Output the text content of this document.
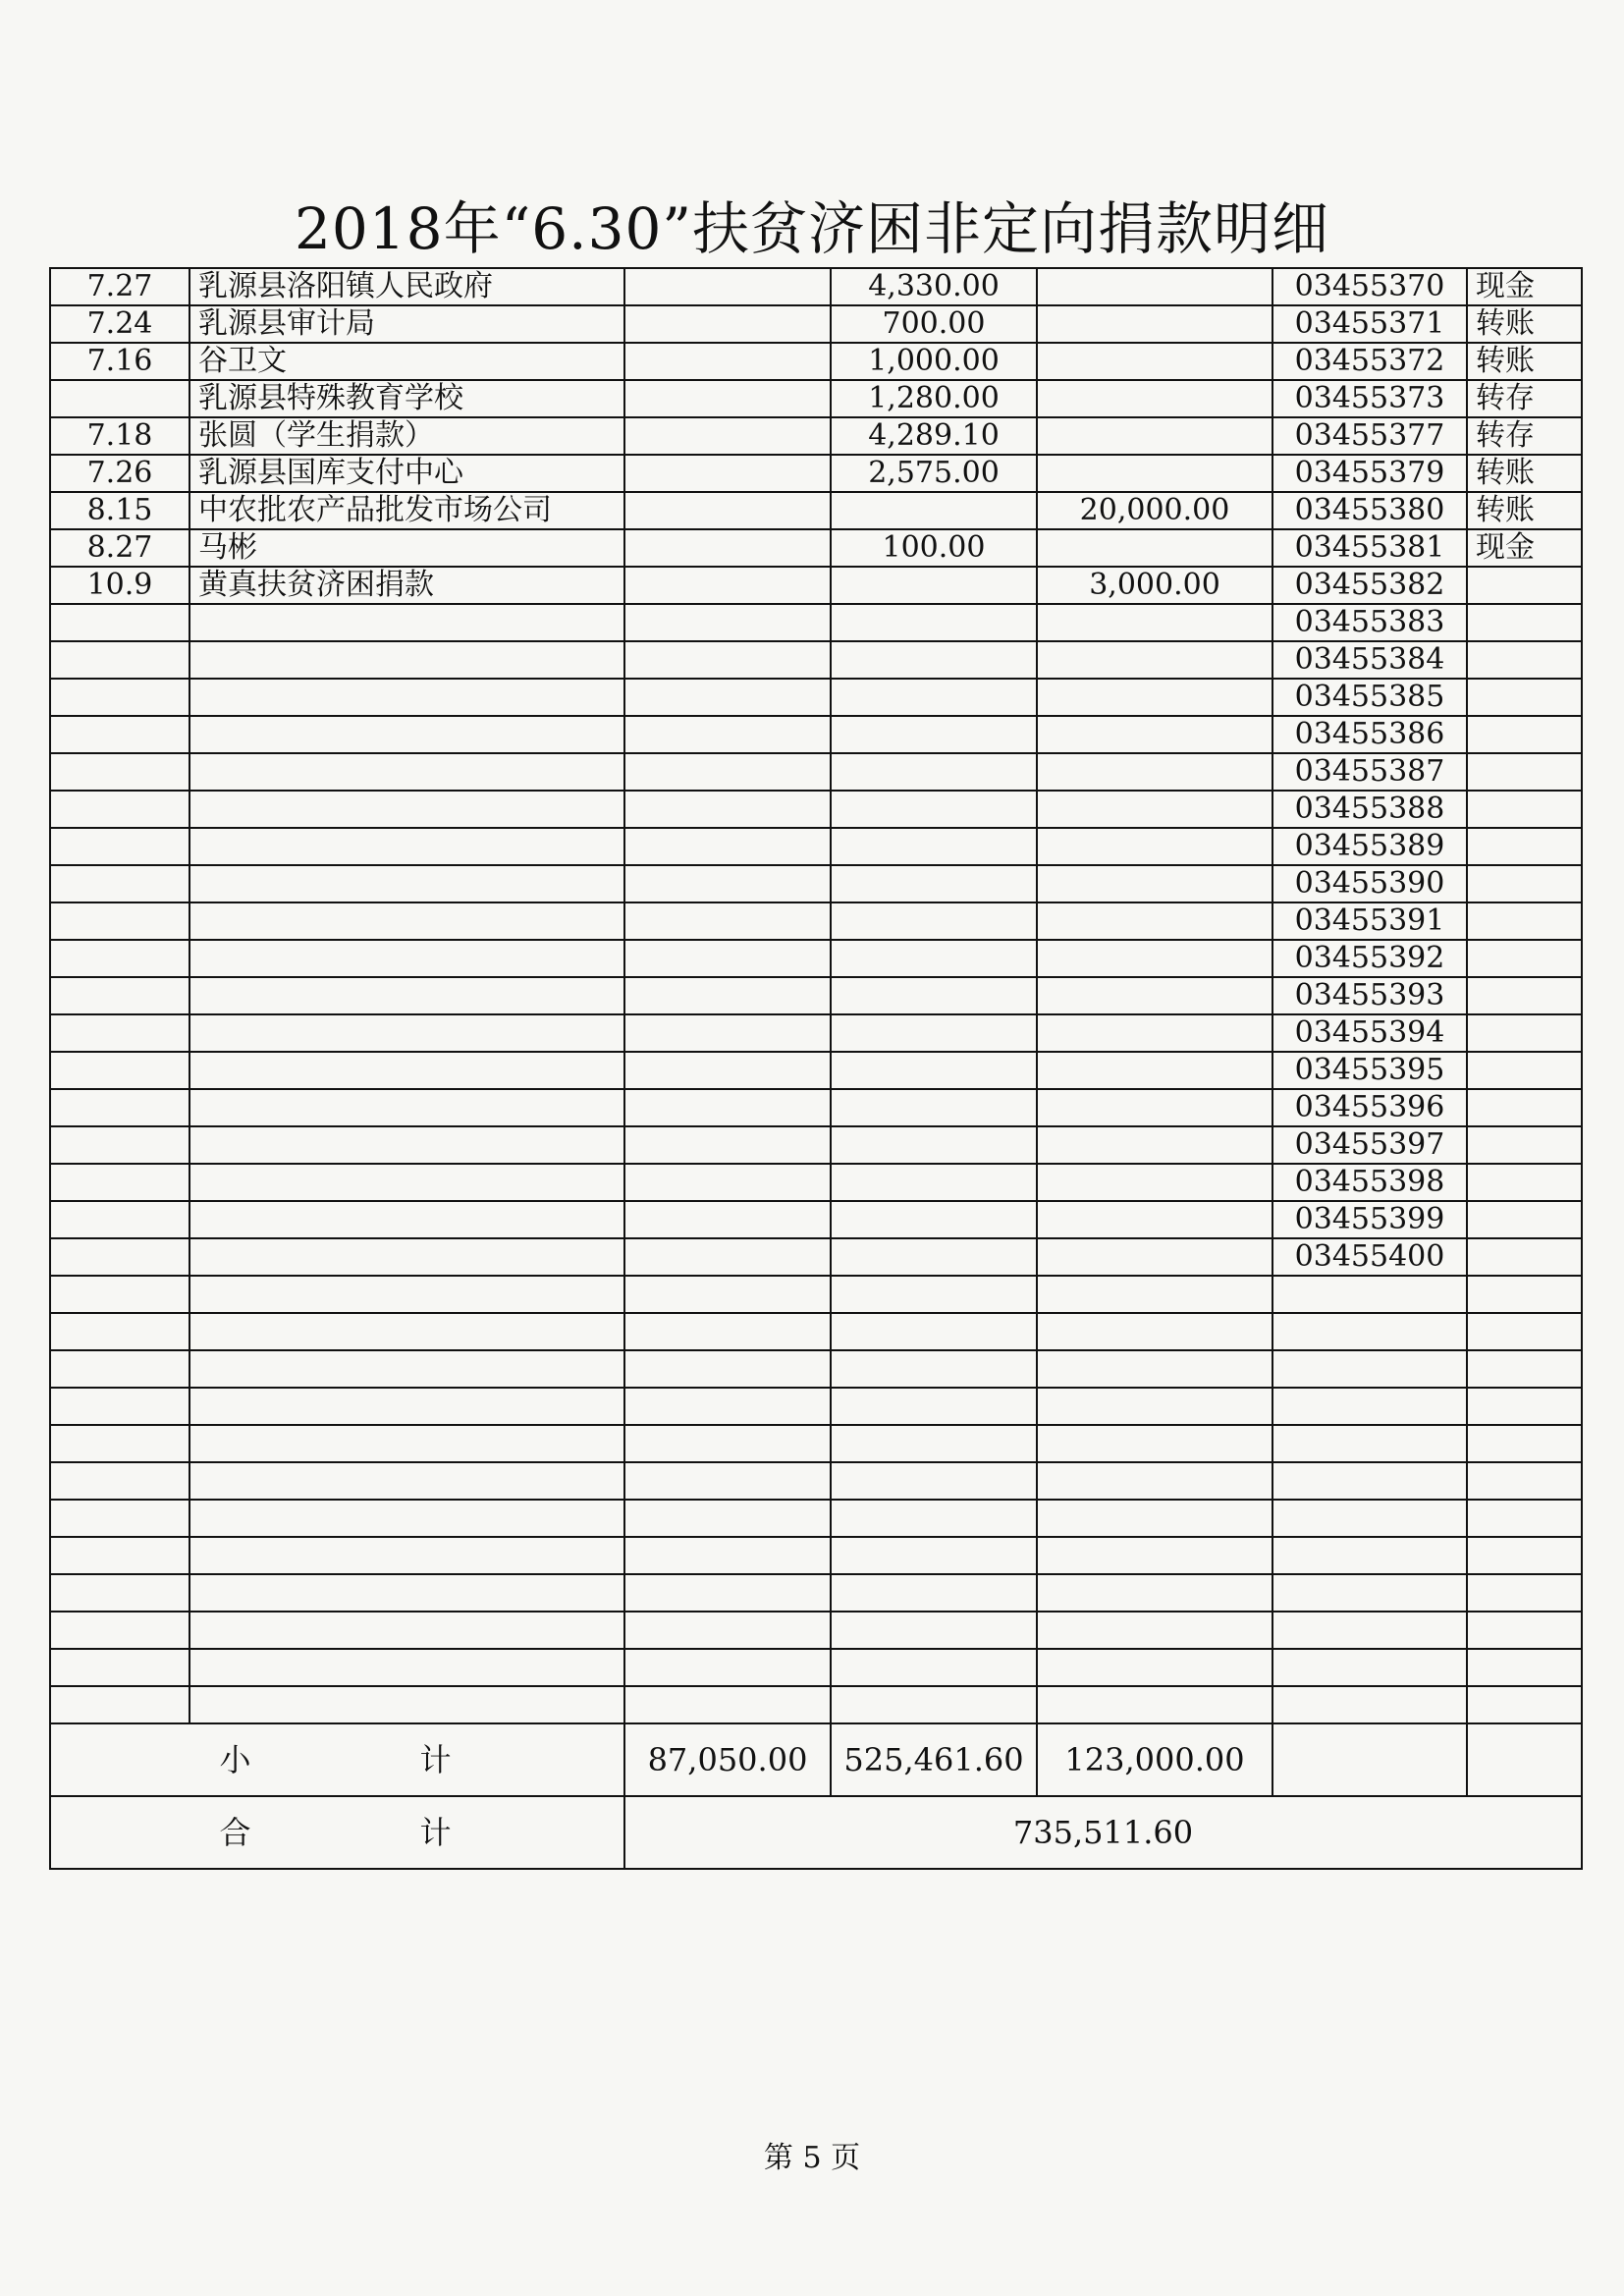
2018年“6.30”扶贫济困非定向捐款明细
7.27	乳源县洛阳镇人民政府		4,330.00		03455370	现金
7.24	乳源县审计局		700.00		03455371	转账
7.16	谷卫文		1,000.00		03455372	转账
	乳源县特殊教育学校		1,280.00		03455373	转存
7.18	张圆（学生捐款）		4,289.10		03455377	转存
7.26	乳源县国库支付中心		2,575.00		03455379	转账
8.15	中农批农产品批发市场公司			20,000.00	03455380	转账
8.27	马彬		100.00		03455381	现金
10.9	黄真扶贫济困捐款			3,000.00	03455382	
					03455383	
					03455384	
					03455385	
					03455386	
					03455387	
					03455388	
					03455389	
					03455390	
					03455391	
					03455392	
					03455393	
					03455394	
					03455395	
					03455396	
					03455397	
					03455398	
					03455399	
					03455400	

小 计		87,050.00	525,461.60	123,000.00		
合 计		735,511.60				
第 5 页
